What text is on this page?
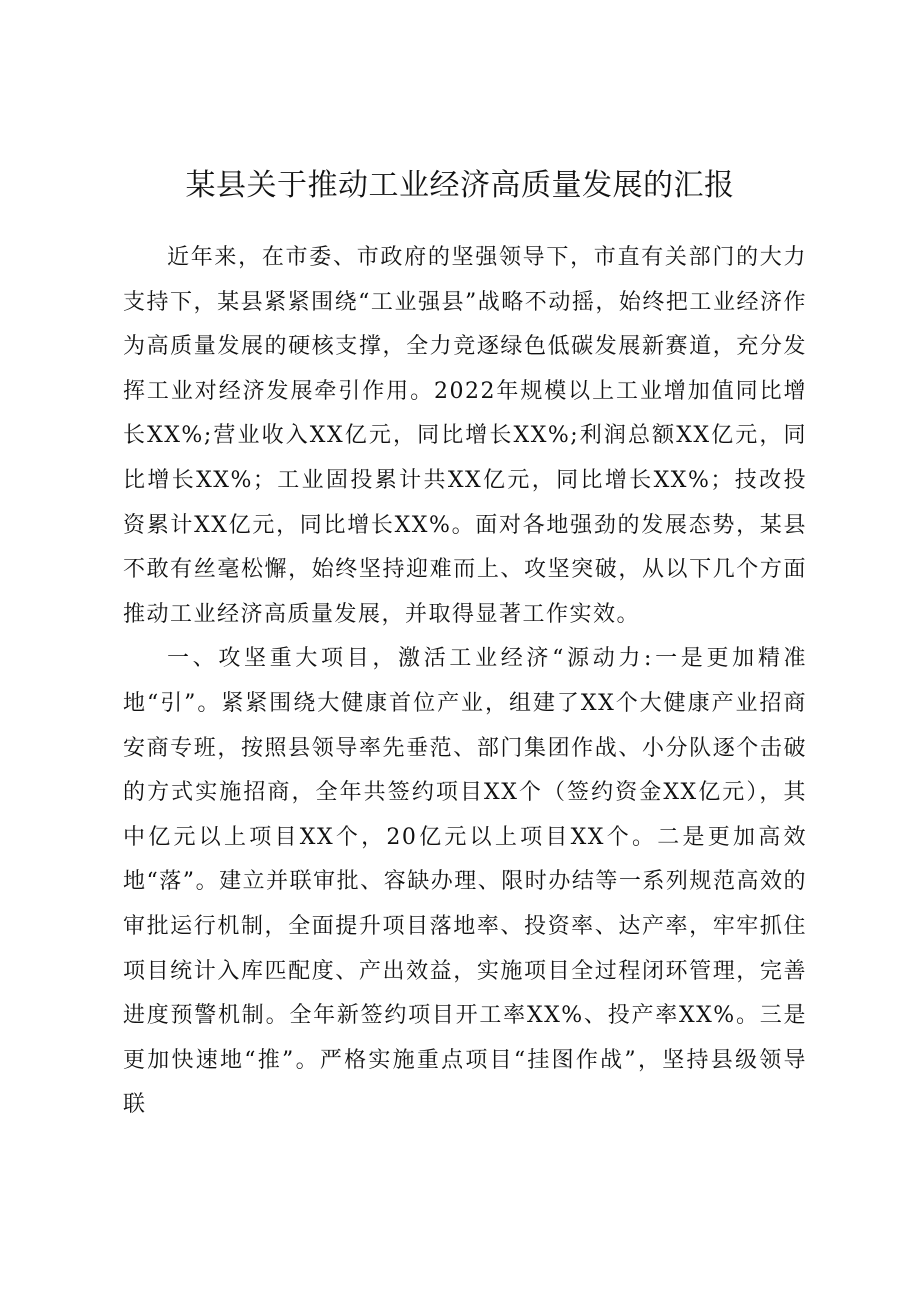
某县关于推动工业经济高质量发展的汇报

近年来，在市委、市政府的坚强领导下，市直有关部门的大力支持下，某县紧紧围绕“工业强县”战略不动摇，始终把工业经济作为高质量发展的硬核支撑，全力竞逐绿色低碳发展新赛道，充分发挥工业对经济发展牵引作用。2022年规模以上工业增加值同比增长XX%;营业收入XX亿元，同比增长XX%;利润总额XX亿元，同比增长XX%；工业固投累计共XX亿元，同比增长XX%；技改投资累计XX亿元，同比增长XX%。面对各地强劲的发展态势，某县不敢有丝毫松懈，始终坚持迎难而上、攻坚突破，从以下几个方面推动工业经济高质量发展，并取得显著工作实效。

一、攻坚重大项目，激活工业经济“源动力:一是更加精准地“引”。紧紧围绕大健康首位产业，组建了XX个大健康产业招商安商专班，按照县领导率先垂范、部门集团作战、小分队逐个击破的方式实施招商，全年共签约项目XX个（签约资金XX亿元），其中亿元以上项目XX个，20亿元以上项目XX个。二是更加高效地“落”。建立并联审批、容缺办理、限时办结等一系列规范高效的审批运行机制，全面提升项目落地率、投资率、达产率，牢牢抓住项目统计入库匹配度、产出效益，实施项目全过程闭环管理，完善进度预警机制。全年新签约项目开工率XX%、投产率XX%。三是更加快速地“推”。严格实施重点项目“挂图作战”，坚持县级领导联
